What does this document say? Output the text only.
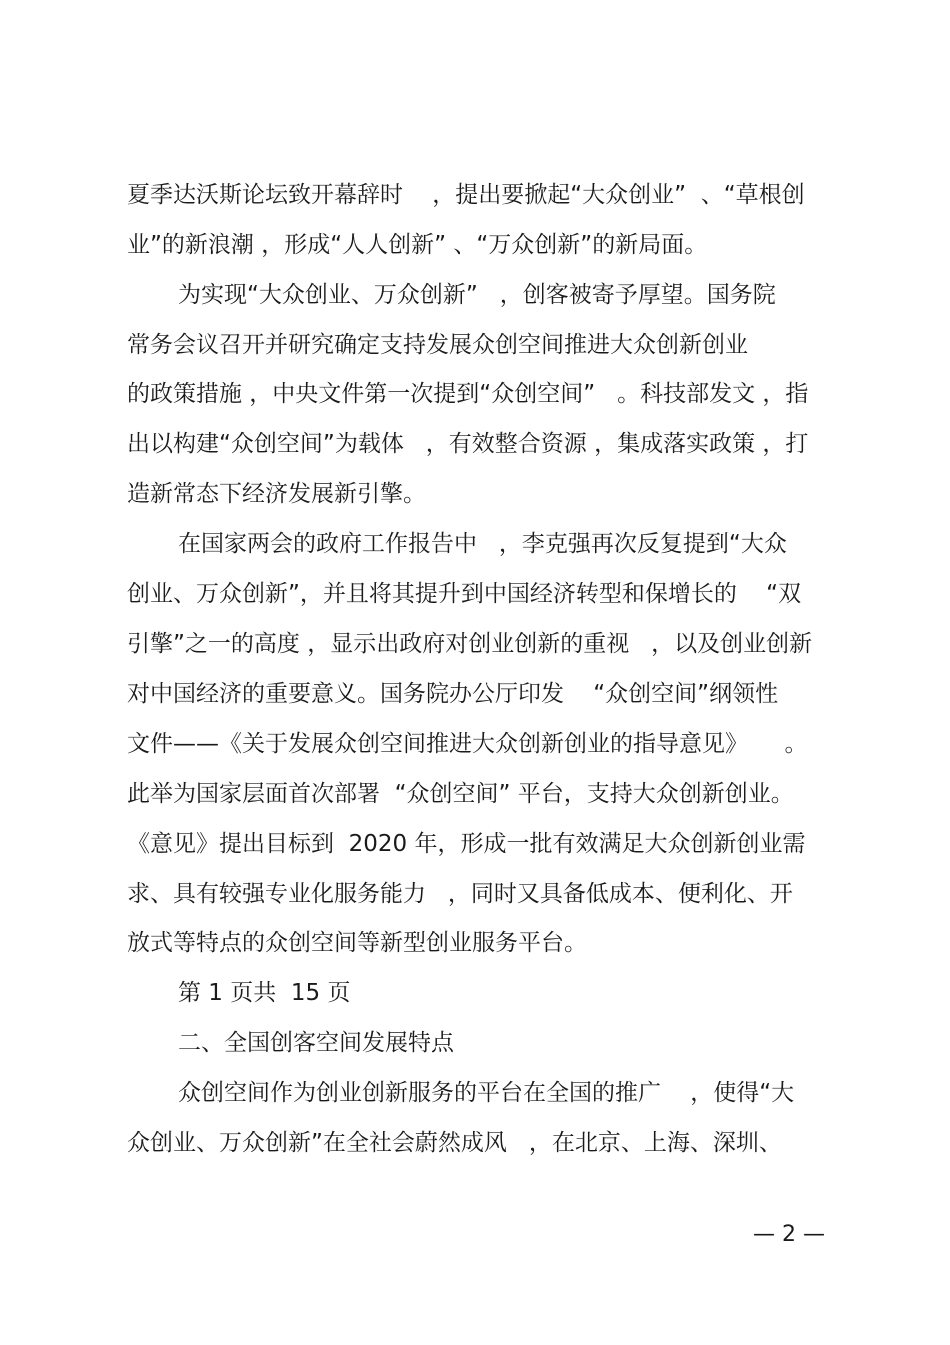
夏季达沃斯论坛致开幕辞时    ，提出要掀起“大众创业”  、“草根创
业”的新浪潮 ，形成“人人创新” 、“万众创新”的新局面。
为实现“大众创业、万众创新”   ，创客被寄予厚望。国务院
常务会议召开并研究确定支持发展众创空间推进大众创新创业
的政策措施 ，中央文件第一次提到“众创空间”   。科技部发文 ，指
出以构建“众创空间”为载体   ，有效整合资源 ，集成落实政策 ，打
造新常态下经济发展新引擎。
在国家两会的政府工作报告中   ，李克强再次反复提到“大众
创业、万众创新”，并且将其提升到中国经济转型和保增长的    “双
引擎”之一的高度 ，显示出政府对创业创新的重视   ，以及创业创新
对中国经济的重要意义。国务院办公厅印发    “众创空间”纲领性
文件——《关于发展众创空间推进大众创新创业的指导意见》     。
此举为国家层面首次部署  “众创空间” 平台，支持大众创新创业。
《意见》提出目标到  2020 年，形成一批有效满足大众创新创业需
求、具有较强专业化服务能力   ，同时又具备低成本、便利化、开
放式等特点的众创空间等新型创业服务平台。
第 1 页共  15 页
二、全国创客空间发展特点
众创空间作为创业创新服务的平台在全国的推广    ，使得“大
众创业、万众创新”在全社会蔚然成风   ，在北京、上海、深圳、
— 2 —
